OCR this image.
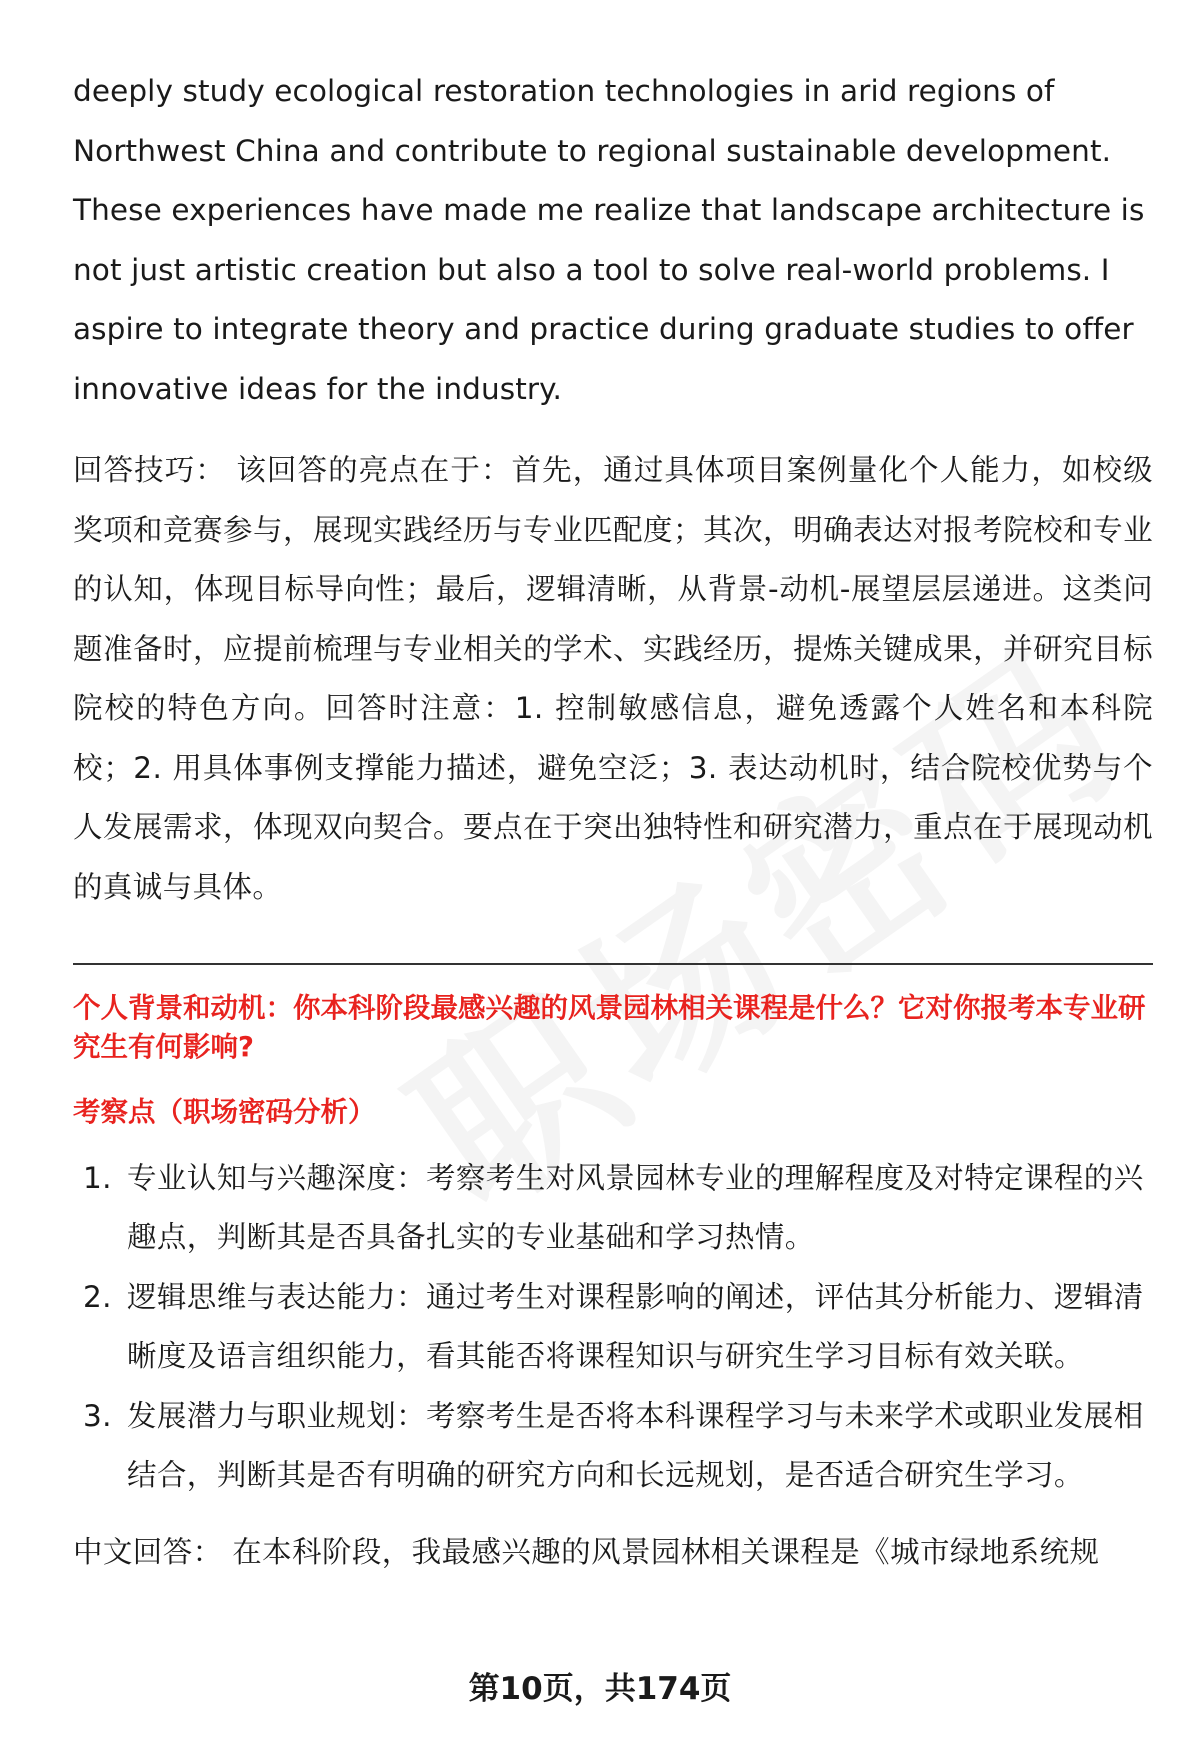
deeply study ecological restoration technologies in arid regions of Northwest China and contribute to regional sustainable development. These experiences have made me realize that landscape architecture is not just artistic creation but also a tool to solve real-world problems. I aspire to integrate theory and practice during graduate studies to offer innovative ideas for the industry.

回答技巧： 该回答的亮点在于：首先，通过具体项目案例量化个人能力，如校级奖项和竞赛参与，展现实践经历与专业匹配度；其次，明确表达对报考院校和专业的认知，体现目标导向性；最后，逻辑清晰，从背景-动机-展望层层递进。这类问题准备时，应提前梳理与专业相关的学术、实践经历，提炼关键成果，并研究目标院校的特色方向。回答时注意：1. 控制敏感信息，避免透露个人姓名和本科院校；2. 用具体事例支撑能力描述，避免空泛；3. 表达动机时，结合院校优势与个人发展需求，体现双向契合。要点在于突出独特性和研究潜力，重点在于展现动机的真诚与具体。

个人背景和动机：你本科阶段最感兴趣的风景园林相关课程是什么？它对你报考本专业研究生有何影响?
考察点（职场密码分析）
1. 专业认知与兴趣深度：考察考生对风景园林专业的理解程度及对特定课程的兴趣点，判断其是否具备扎实的专业基础和学习热情。
2. 逻辑思维与表达能力：通过考生对课程影响的阐述，评估其分析能力、逻辑清晰度及语言组织能力，看其能否将课程知识与研究生学习目标有效关联。
3. 发展潜力与职业规划：考察考生是否将本科课程学习与未来学术或职业发展相结合，判断其是否有明确的研究方向和长远规划，是否适合研究生学习。

中文回答： 在本科阶段，我最感兴趣的风景园林相关课程是《城市绿地系统规

第10页，共174页
